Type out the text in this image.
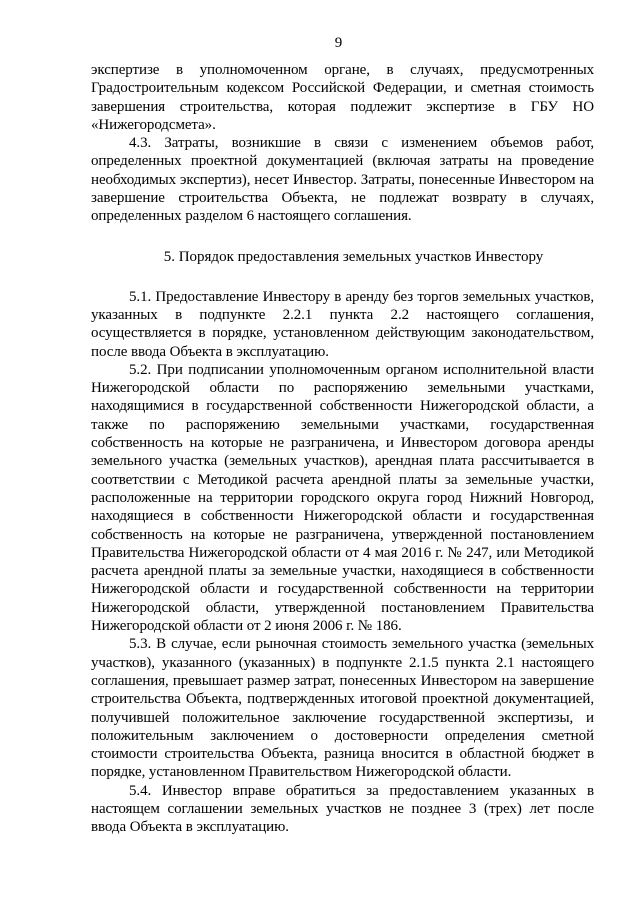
9

экспертизе в уполномоченном органе, в случаях, предусмотренных Градостроительным кодексом Российской Федерации, и сметная стоимость завершения строительства, которая подлежит экспертизе в ГБУ НО «Нижегородсмета».

4.3. Затраты, возникшие в связи с изменением объемов работ, определенных проектной документацией (включая затраты на проведение необходимых экспертиз), несет Инвестор. Затраты, понесенные Инвестором на завершение строительства Объекта, не подлежат возврату в случаях, определенных разделом 6 настоящего соглашения.

5. Порядок предоставления земельных участков Инвестору

5.1. Предоставление Инвестору в аренду без торгов земельных участков, указанных в подпункте 2.2.1 пункта 2.2 настоящего соглашения, осуществляется в порядке, установленном действующим законодательством, после ввода Объекта в эксплуатацию.

5.2. При подписании уполномоченным органом исполнительной власти Нижегородской области по распоряжению земельными участками, находящимися в государственной собственности Нижегородской области, а также по распоряжению земельными участками, государственная собственность на которые не разграничена, и Инвестором договора аренды земельного участка (земельных участков), арендная плата рассчитывается в соответствии с Методикой расчета арендной платы за земельные участки, расположенные на территории городского округа город Нижний Новгород, находящиеся в собственности Нижегородской области и государственная собственность на которые не разграничена, утвержденной постановлением Правительства Нижегородской области от 4 мая 2016 г. № 247, или Методикой расчета арендной платы за земельные участки, находящиеся в собственности Нижегородской области и государственной собственности на территории Нижегородской области, утвержденной постановлением Правительства Нижегородской области от 2 июня 2006 г. № 186.

5.3. В случае, если рыночная стоимость земельного участка (земельных участков), указанного (указанных) в подпункте 2.1.5 пункта 2.1 настоящего соглашения, превышает размер затрат, понесенных Инвестором на завершение строительства Объекта, подтвержденных итоговой проектной документацией, получившей положительное заключение государственной экспертизы, и положительным заключением о достоверности определения сметной стоимости строительства Объекта, разница вносится в областной бюджет в порядке, установленном Правительством Нижегородской области.

5.4. Инвестор вправе обратиться за предоставлением указанных в настоящем соглашении земельных участков не позднее 3 (трех) лет после ввода Объекта в эксплуатацию.
